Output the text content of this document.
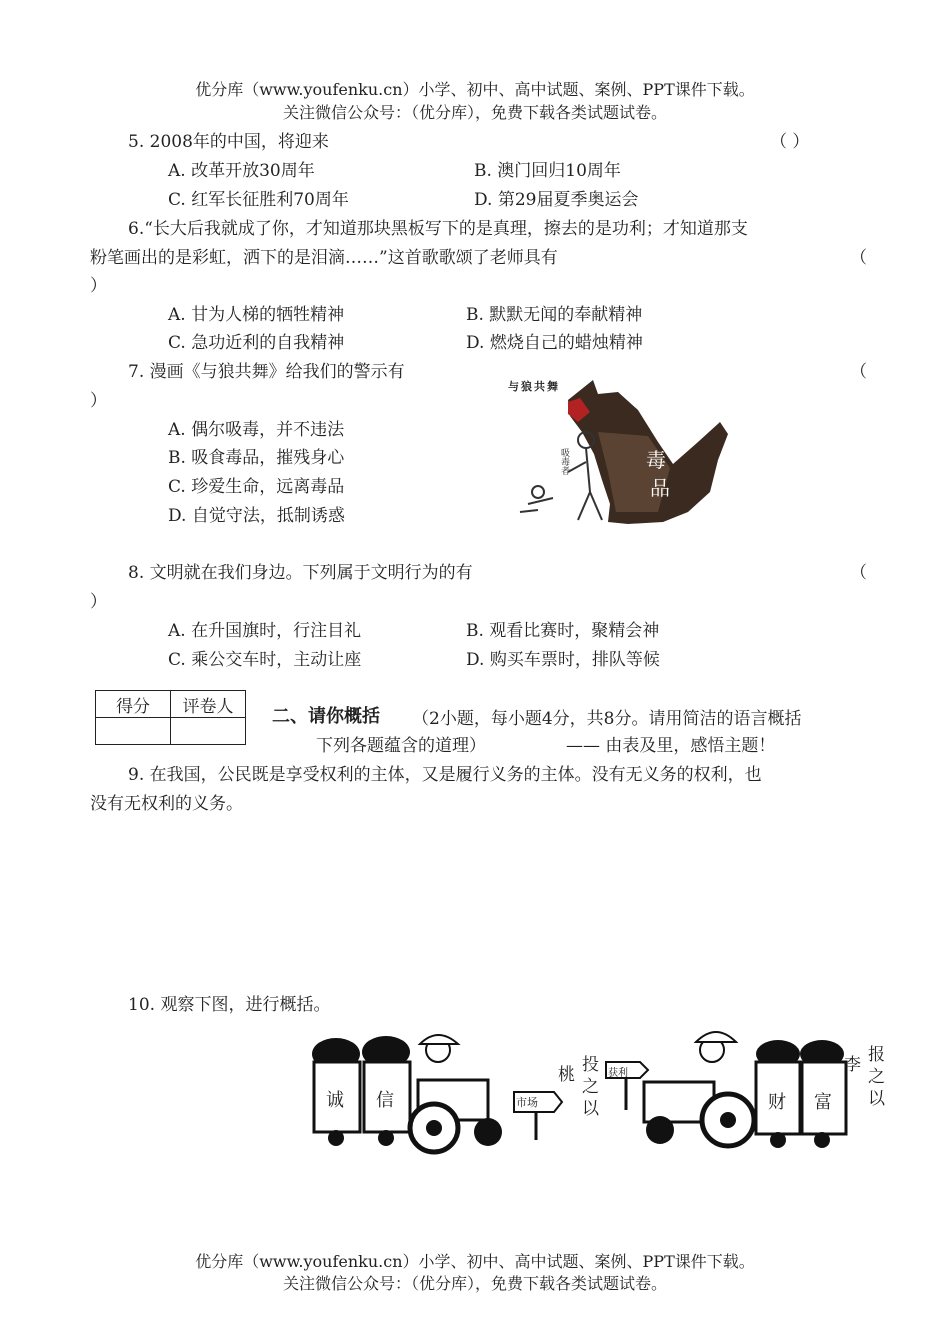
优分库（www.youfenku.cn）小学、初中、高中试题、案例、PPT课件下载。
关注微信公众号：（优分库），免费下载各类试题试卷。
5. 2008年的中国，将迎来	（ ）
A. 改革开放30周年	B. 澳门回归10周年
C. 红军长征胜利70周年	D. 第29届夏季奥运会
6.“长大后我就成了你，才知道那块黑板写下的是真理，擦去的是功利；才知道那支
粉笔画出的是彩虹，洒下的是泪滴……”这首歌歌颂了老师具有	（
）
A. 甘为人梯的牺牲精神	B. 默默无闻的奉献精神
C. 急功近利的自我精神	D. 燃烧自己的蜡烛精神
7. 漫画《与狼共舞》给我们的警示有	（
）
A. 偶尔吸毒，并不违法
B. 吸食毒品，摧残身心
C. 珍爱生命，远离毒品
D. 自觉守法，抵制诱惑
与狼共舞
毒
品
吸毒者
8. 文明就在我们身边。下列属于文明行为的有	（
）
A. 在升国旗时，行注目礼	B. 观看比赛时，聚精会神
C. 乘公交车时，主动让座	D. 购买车票时，排队等候
得分	评卷人
	二、请你概括 （2小题，每小题4分，共8分。请用简洁的语言概括
下列各题蕴含的道理）	—— 由表及里，感悟主题！
9. 在我国，公民既是享受权利的主体，又是履行义务的主体。没有无义务的权利，也
没有无权利的义务。
10. 观察下图，进行概括。
诚 信	市场
桃 投
之
以
获利
财 富
李 报
之
以
优分库（www.youfenku.cn）小学、初中、高中试题、案例、PPT课件下载。
关注微信公众号：（优分库），免费下载各类试题试卷。
